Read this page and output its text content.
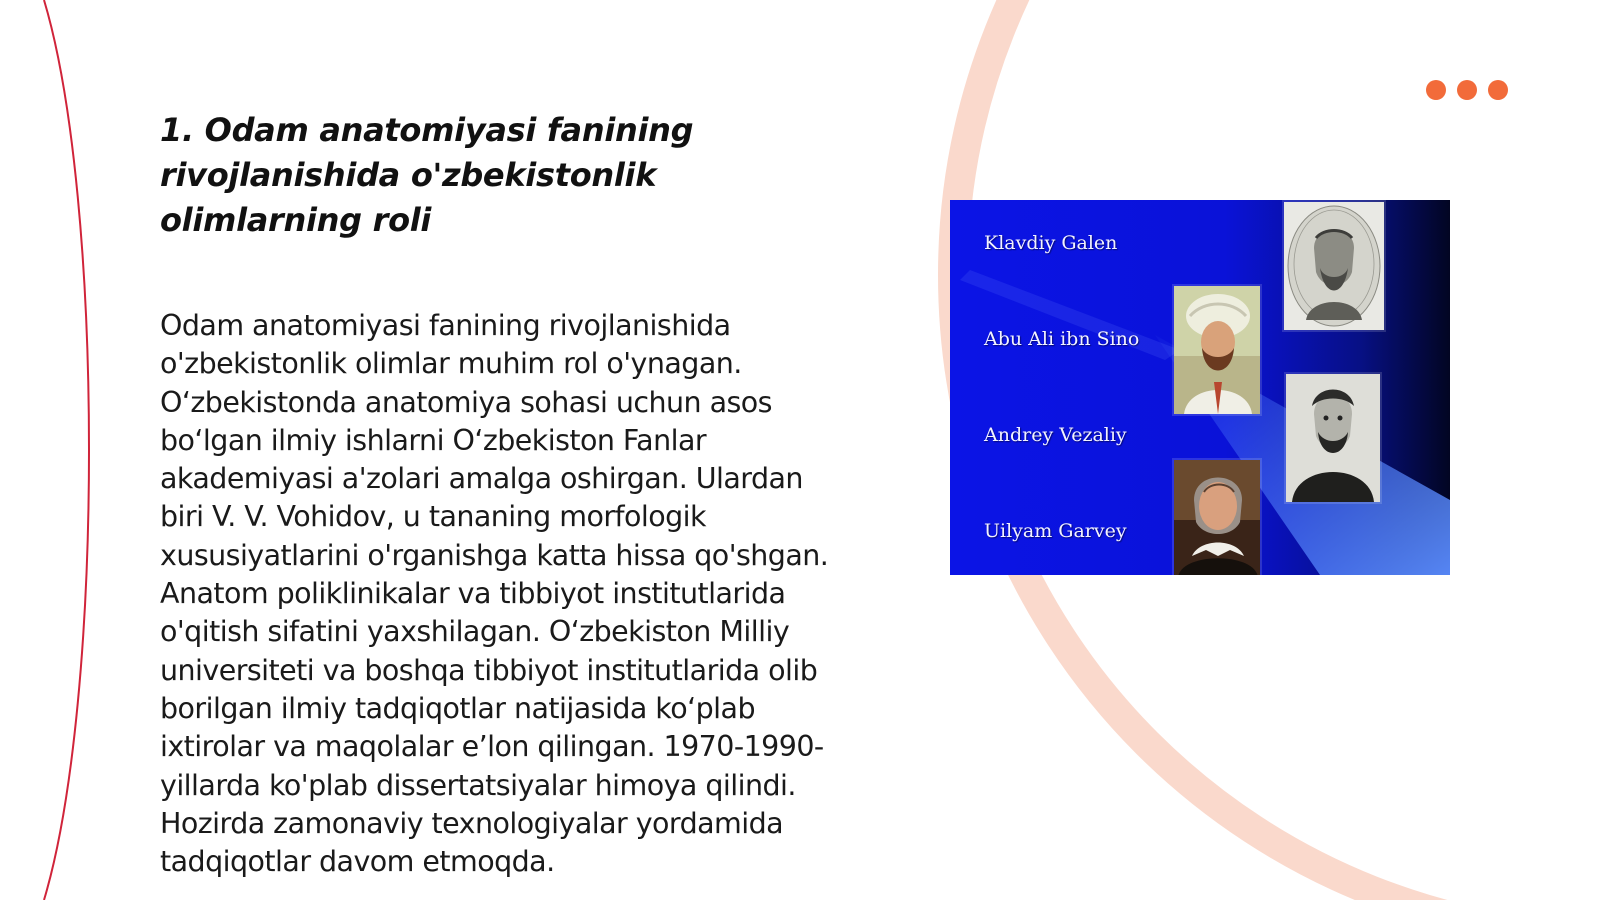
1. Odam anatomiyasi fanining rivojlanishida o'zbekistonlik olimlarning roli

Odam anatomiyasi fanining rivojlanishida o'zbekistonlik olimlar muhim rol o'ynagan. O‘zbekistonda anatomiya sohasi uchun asos bo‘lgan ilmiy ishlarni O‘zbekiston Fanlar akademiyasi a'zolari amalga oshirgan. Ulardan biri V. V. Vohidov, u tananing morfologik xususiyatlarini o'rganishga katta hissa qo'shgan. Anatom poliklinikalar va tibbiyot institutlarida o'qitish sifatini yaxshilagan. O‘zbekiston Milliy universiteti va boshqa tibbiyot institutlarida olib borilgan ilmiy tadqiqotlar natijasida ko‘plab ixtirolar va maqolalar e’lon qilingan. 1970-1990-yillarda ko'plab dissertatsiyalar himoya qilindi. Hozirda zamonaviy texnologiyalar yordamida tadqiqotlar davom etmoqda.

Klavdiy Galen
Abu Ali ibn Sino
Andrey Vezaliy
Uilyam Garvey
